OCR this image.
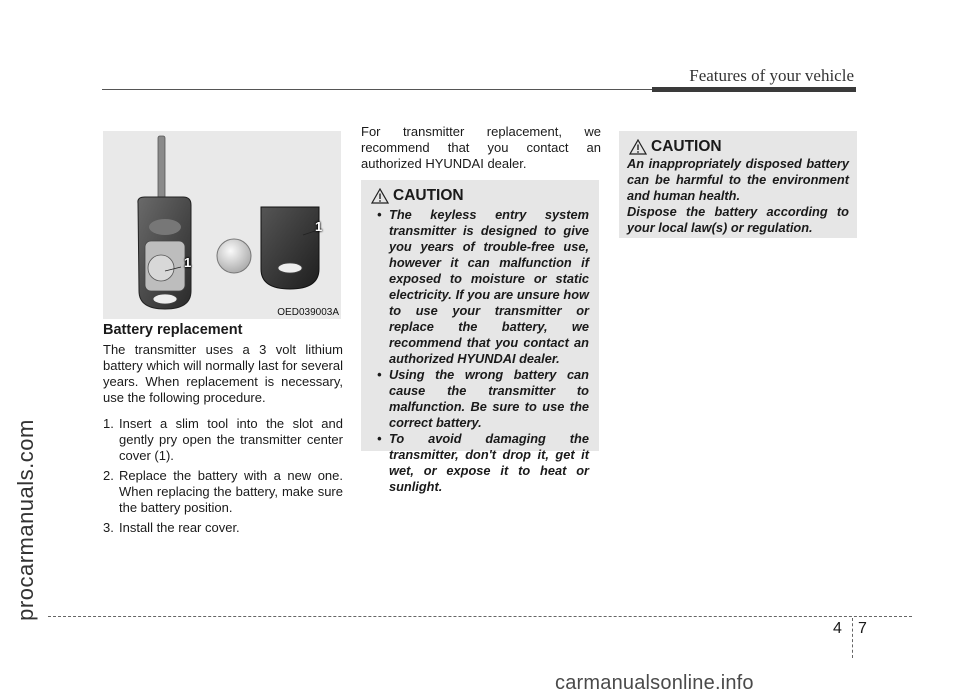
procarmanuals.com
Features of your vehicle
1
1
OED039003A
Battery replacement

The transmitter uses a 3 volt lithium battery which will normally last for several years. When replacement is necessary, use the following procedure.

1. Insert a slim tool into the slot and gently pry open the transmitter center cover (1).
2. Replace the battery with a new one. When replacing the battery, make sure the battery position.
3. Install the rear cover.

For transmitter replacement, we recommend that you contact an authorized HYUNDAI dealer.

CAUTION
• The keyless entry system transmitter is designed to give you years of trouble-free use, however it can malfunction if exposed to moisture or static electricity. If you are unsure how to use your transmitter or replace the battery, we recommend that you contact an authorized HYUNDAI dealer.
• Using the wrong battery can cause the transmitter to malfunction. Be sure to use the correct battery.
• To avoid damaging the transmitter, don't drop it, get it wet, or expose it to heat or sunlight.
CAUTION

An inappropriately disposed battery can be harmful to the environment and human health.

Dispose the battery according to your local law(s) or regulation.

4 7
carmanualsonline.info
